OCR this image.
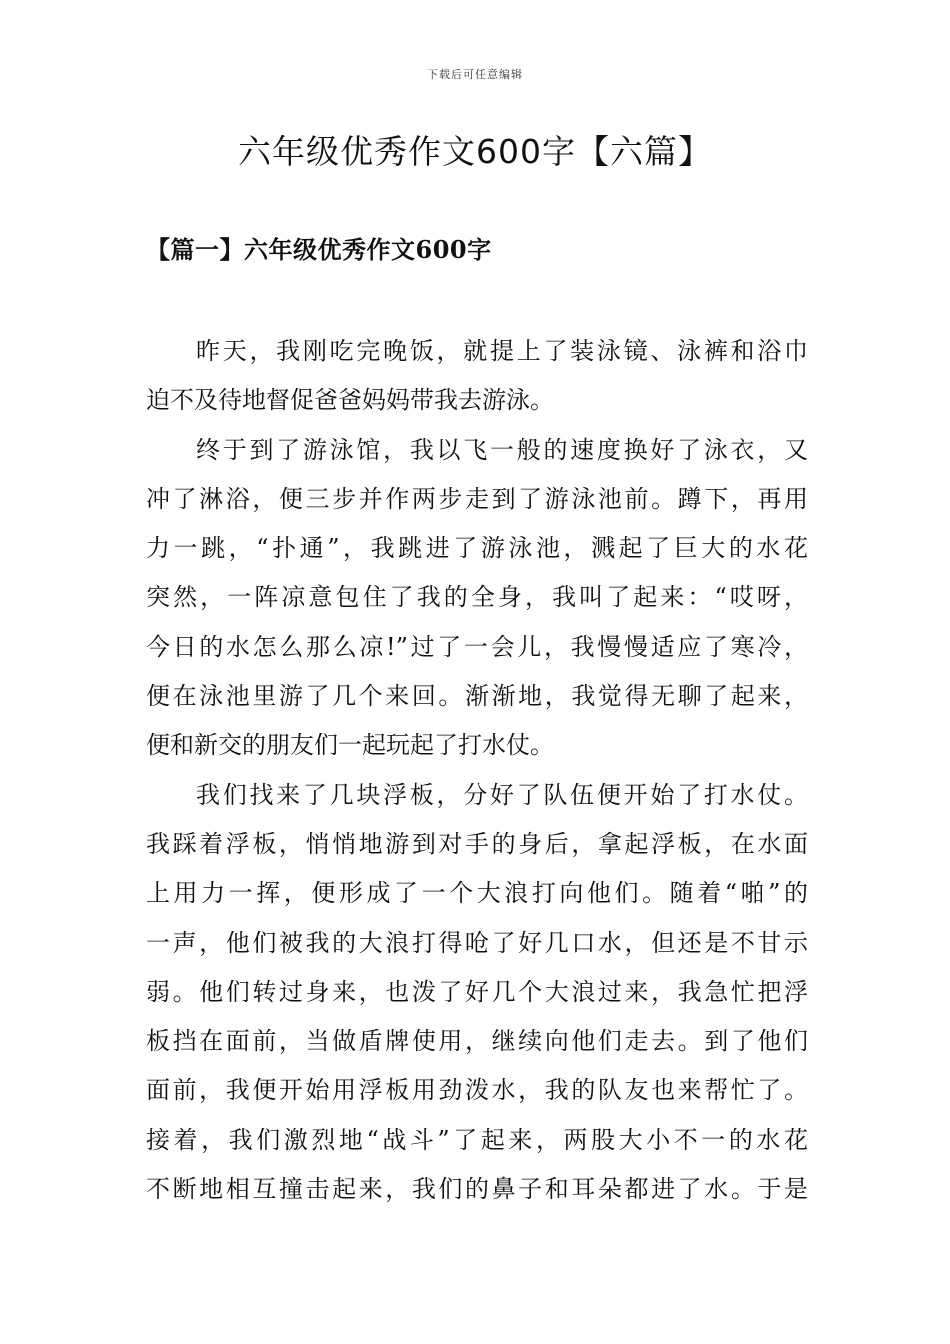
下载后可任意编辑
六年级优秀作文600字【六篇】
【篇一】六年级优秀作文600字
昨天，我刚吃完晚饭，就提上了装泳镜、泳裤和浴巾
迫不及待地督促爸爸妈妈带我去游泳。
终于到了游泳馆，我以飞一般的速度换好了泳衣，又
冲了淋浴，便三步并作两步走到了游泳池前。蹲下，再用
力一跳，“扑通”，我跳进了游泳池，溅起了巨大的水花
突然，一阵凉意包住了我的全身，我叫了起来：“哎呀，
今日的水怎么那么凉!”过了一会儿，我慢慢适应了寒冷，
便在泳池里游了几个来回。渐渐地，我觉得无聊了起来，
便和新交的朋友们一起玩起了打水仗。
我们找来了几块浮板，分好了队伍便开始了打水仗。
我踩着浮板，悄悄地游到对手的身后，拿起浮板，在水面
上用力一挥，便形成了一个大浪打向他们。随着“啪”的
一声，他们被我的大浪打得呛了好几口水，但还是不甘示
弱。他们转过身来，也泼了好几个大浪过来，我急忙把浮
板挡在面前，当做盾牌使用，继续向他们走去。到了他们
面前，我便开始用浮板用劲泼水，我的队友也来帮忙了。
接着，我们激烈地“战斗”了起来，两股大小不一的水花
不断地相互撞击起来，我们的鼻子和耳朵都进了水。于是
